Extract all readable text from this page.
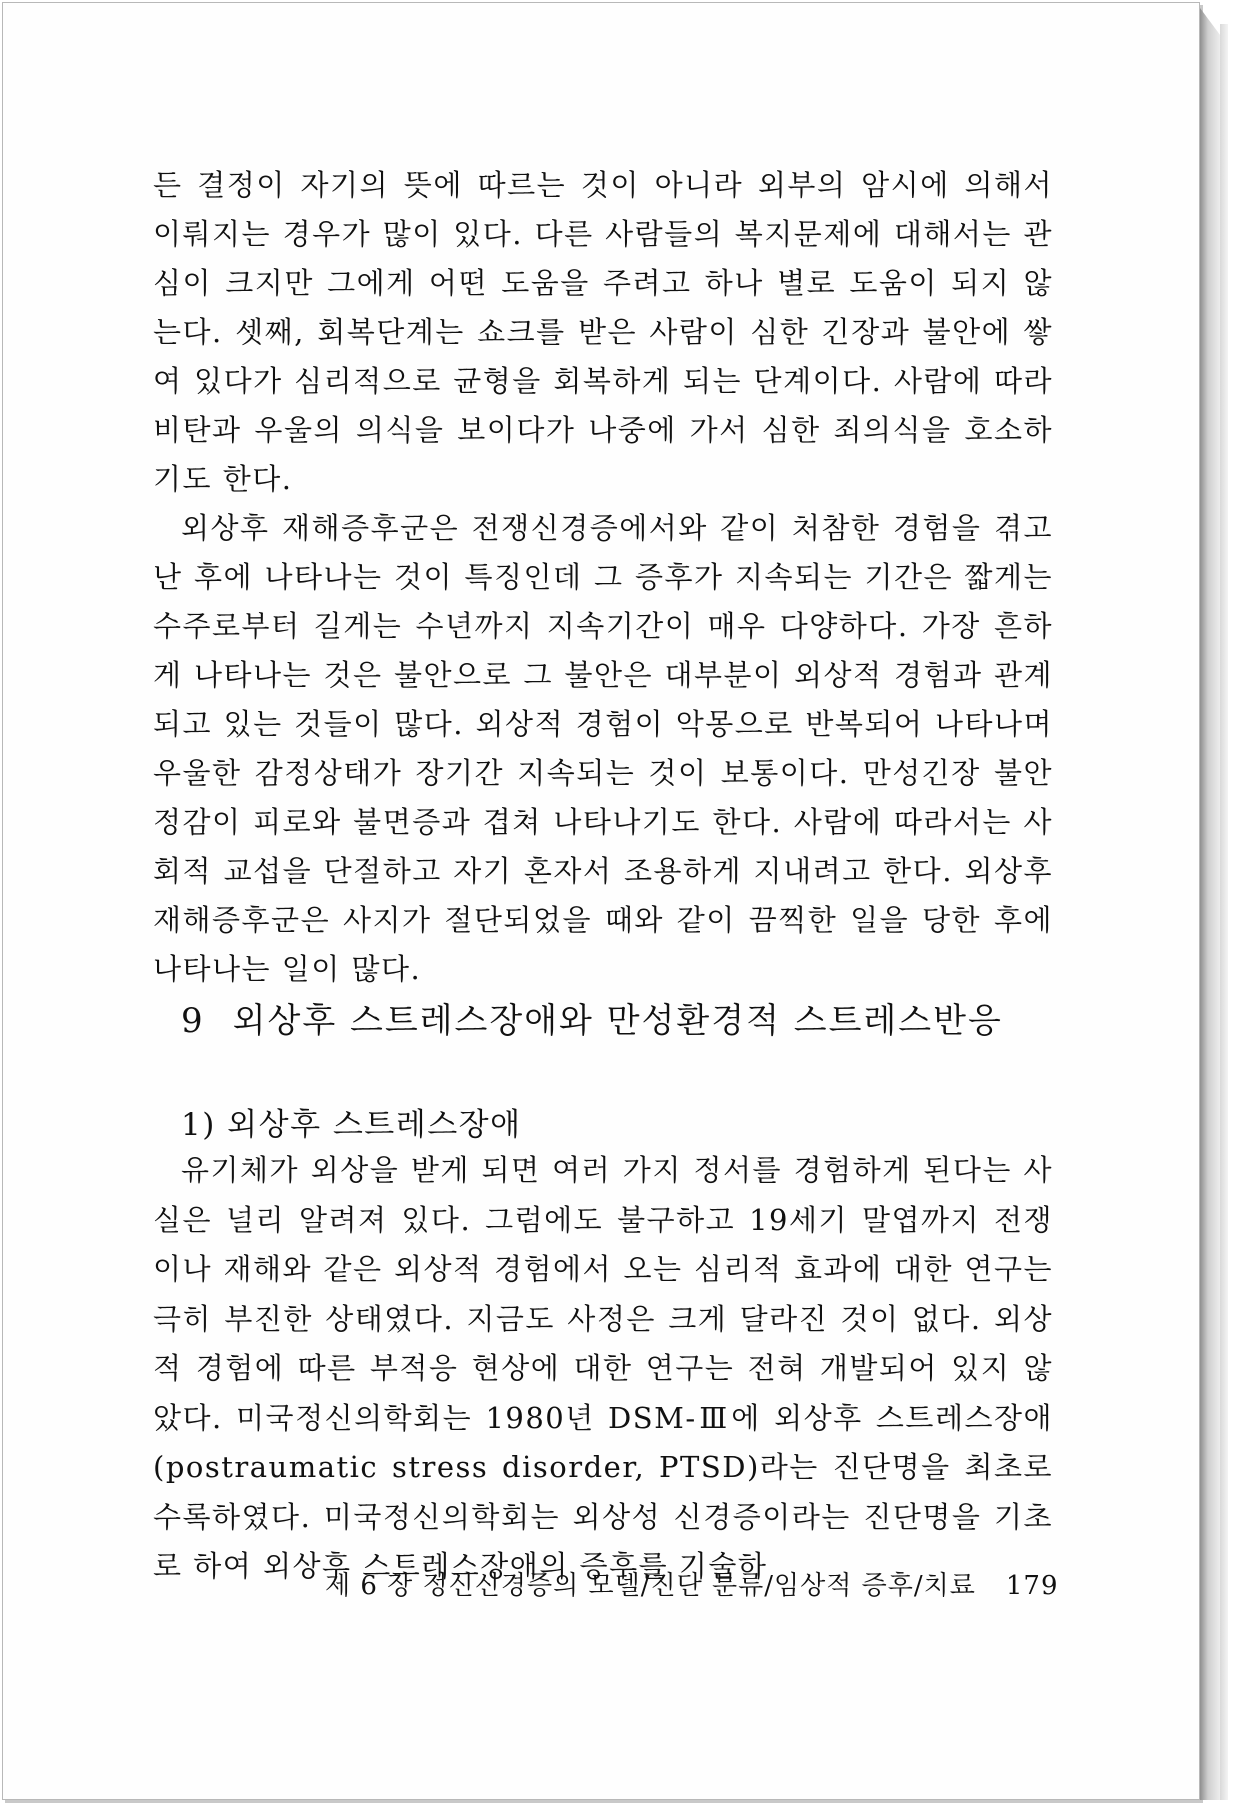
든 결정이 자기의 뜻에 따르는 것이 아니라 외부의 암시에 의해서 이뤄지는 경우가 많이 있다. 다른 사람들의 복지문제에 대해서는 관심이 크지만 그에게 어떤 도움을 주려고 하나 별로 도움이 되지 않는다. 셋째, 회복단계는 쇼크를 받은 사람이 심한 긴장과 불안에 쌓여 있다가 심리적으로 균형을 회복하게 되는 단계이다. 사람에 따라 비탄과 우울의 의식을 보이다가 나중에 가서 심한 죄의식을 호소하기도 한다.

외상후 재해증후군은 전쟁신경증에서와 같이 처참한 경험을 겪고 난 후에 나타나는 것이 특징인데 그 증후가 지속되는 기간은 짧게는 수주로부터 길게는 수년까지 지속기간이 매우 다양하다. 가장 흔하게 나타나는 것은 불안으로 그 불안은 대부분이 외상적 경험과 관계되고 있는 것들이 많다. 외상적 경험이 악몽으로 반복되어 나타나며 우울한 감정상태가 장기간 지속되는 것이 보통이다. 만성긴장 불안정감이 피로와 불면증과 겹쳐 나타나기도 한다. 사람에 따라서는 사회적 교섭을 단절하고 자기 혼자서 조용하게 지내려고 한다. 외상후 재해증후군은 사지가 절단되었을 때와 같이 끔찍한 일을 당한 후에 나타나는 일이 많다.

9 외상후 스트레스장애와 만성환경적 스트레스반응
1) 외상후 스트레스장애

유기체가 외상을 받게 되면 여러 가지 정서를 경험하게 된다는 사실은 널리 알려져 있다. 그럼에도 불구하고 19세기 말엽까지 전쟁이나 재해와 같은 외상적 경험에서 오는 심리적 효과에 대한 연구는 극히 부진한 상태였다. 지금도 사정은 크게 달라진 것이 없다. 외상적 경험에 따른 부적응 현상에 대한 연구는 전혀 개발되어 있지 않았다. 미국정신의학회는 1980년 DSM-Ⅲ에 외상후 스트레스장애(postraumatic stress disorder, PTSD)라는 진단명을 최초로 수록하였다. 미국정신의학회는 외상성 신경증이라는 진단명을 기초로 하여 외상후 스트레스장애의 증후를 기술하

제 6 장 정신신경증의 모델/진단 분류/임상적 증후/치료 179
